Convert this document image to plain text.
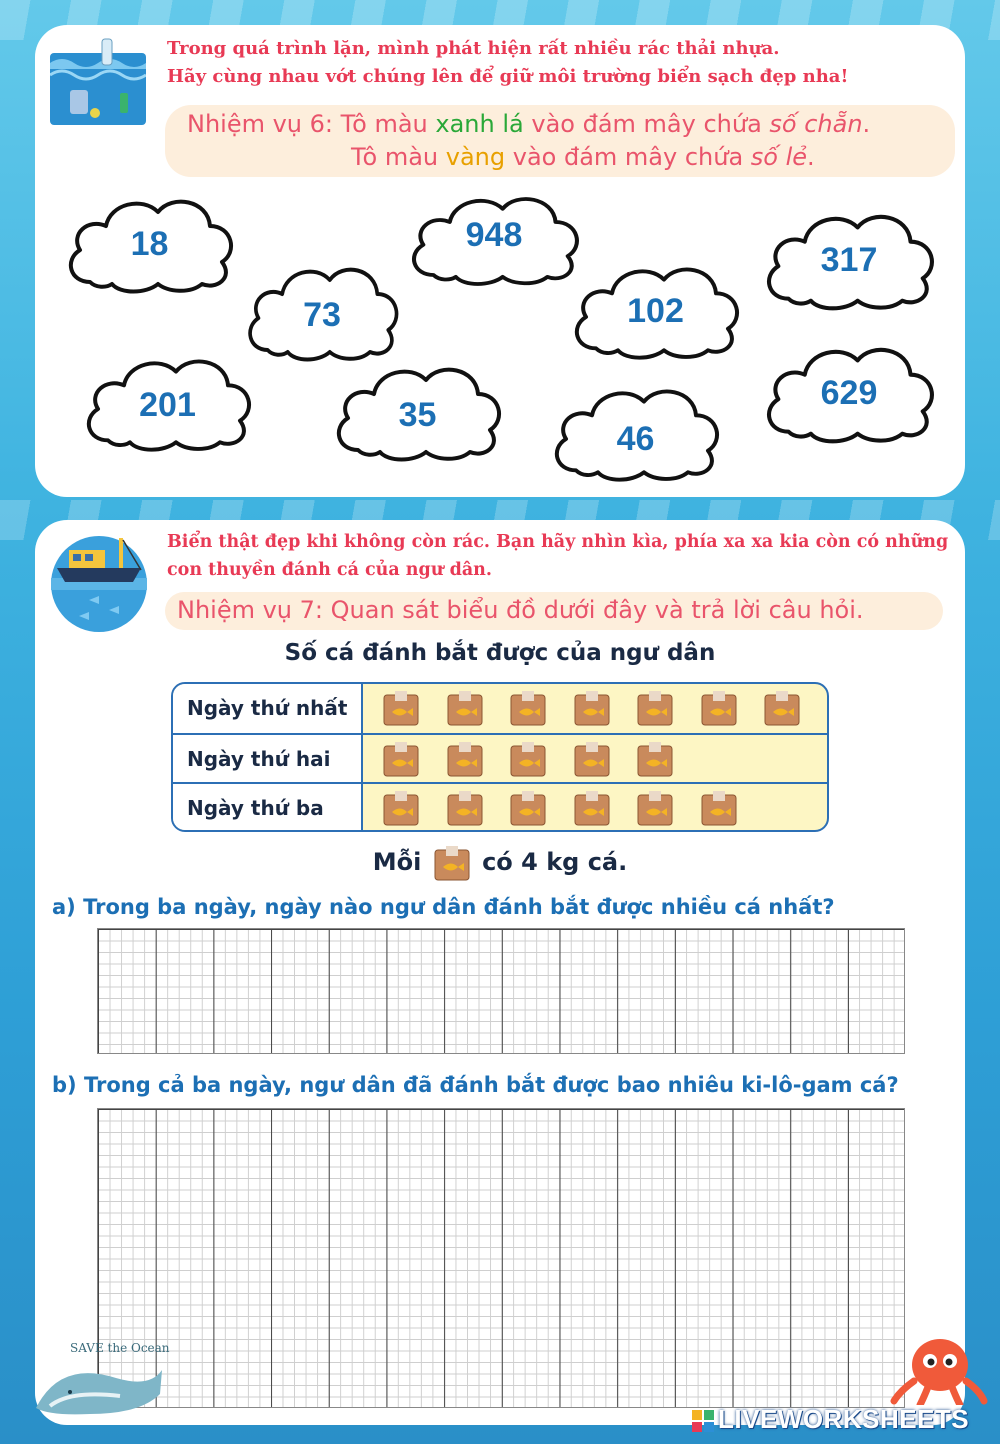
Trong quá trình lặn, mình phát hiện rất nhiều rác thải nhựa.
Hãy cùng nhau vớt chúng lên để giữ môi trường biển sạch đẹp nha!
Nhiệm vụ 6: Tô màu xanh lá vào đám mây chứa số chẵn.
Tô màu vàng vào đám mây chứa số lẻ.
18
73
948
102
317
201	35
46
629
Biển thật đẹp khi không còn rác. Bạn hãy nhìn kìa, phía xa xa kia còn có những
con thuyền đánh cá của ngư dân.
Nhiệm vụ 7: Quan sát biểu đồ dưới đây và trả lời câu hỏi.
Số cá đánh bắt được của ngư dân
Ngày thứ nhất
Ngày thứ hai
Ngày thứ ba
Mỗi	có 4 kg cá.
a) Trong ba ngày, ngày nào ngư dân đánh bắt được nhiều cá nhất?
b) Trong cả ba ngày, ngư dân đã đánh bắt được bao nhiêu ki-lô-gam cá?
SAVE the Ocean
LIVEWORKSHEETS
